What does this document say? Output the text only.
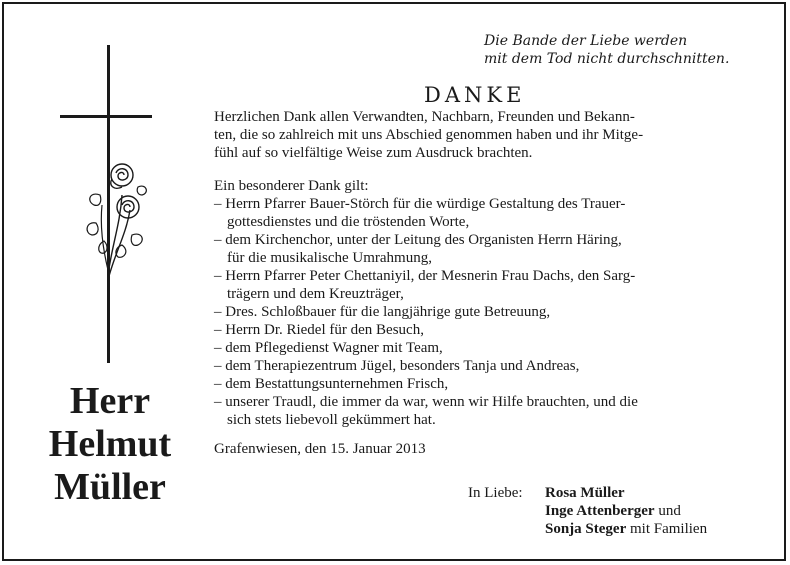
Die Bande der Liebe werden
mit dem Tod nicht durchschnitten.
Herr
Helmut
Müller
DANKE
Herzlichen Dank allen Verwandten, Nachbarn, Freunden und Bekann-
ten, die so zahlreich mit uns Abschied genommen haben und ihr Mitge-
fühl auf so vielfältige Weise zum Ausdruck brachten.
Ein besonderer Dank gilt:
– Herrn Pfarrer Bauer-Störch für die würdige Gestaltung des Trauer-
gottesdienstes und die tröstenden Worte,
– dem Kirchenchor, unter der Leitung des Organisten Herrn Häring,
für die musikalische Umrahmung,
– Herrn Pfarrer Peter Chettaniyil, der Mesnerin Frau Dachs, den Sarg-
trägern und dem Kreuzträger,
– Dres. Schloßbauer für die langjährige gute Betreuung,
– Herrn Dr. Riedel für den Besuch,
– dem Pflegedienst Wagner mit Team,
– dem Therapiezentrum Jügel, besonders Tanja und Andreas,
– dem Bestattungsunternehmen Frisch,
– unserer Traudl, die immer da war, wenn wir Hilfe brauchten, und die
sich stets liebevoll gekümmert hat.
Grafenwiesen, den 15. Januar 2013
In Liebe:	Rosa Müller
Inge Attenberger und
Sonja Steger mit Familien
